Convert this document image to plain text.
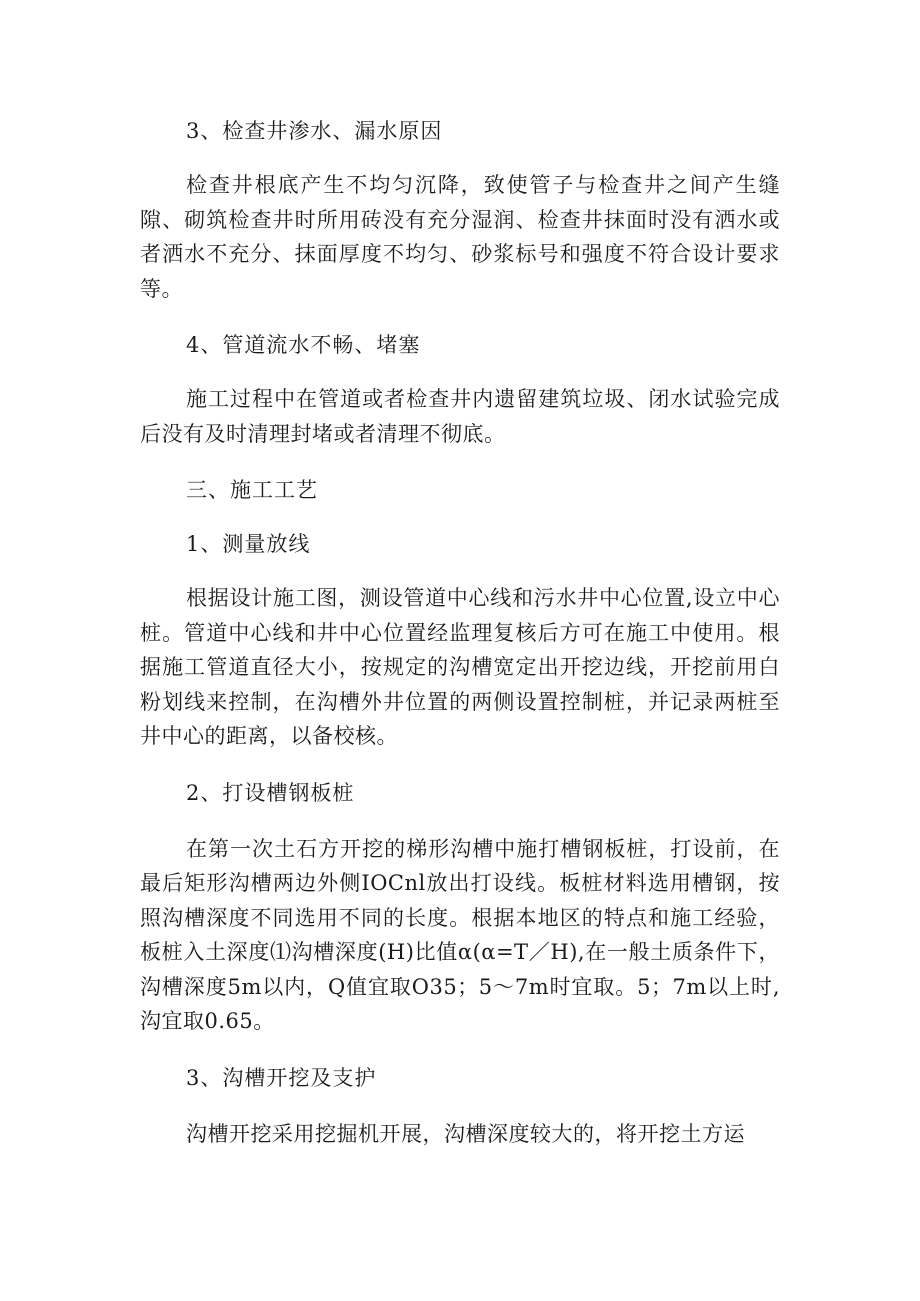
3、检查井渗水、漏水原因

检查井根底产生不均匀沉降，致使管子与检查井之间产生缝隙、砌筑检查井时所用砖没有充分湿润、检查井抹面时没有洒水或者洒水不充分、抹面厚度不均匀、砂浆标号和强度不符合设计要求等。

4、管道流水不畅、堵塞

施工过程中在管道或者检查井内遗留建筑垃圾、闭水试验完成后没有及时清理封堵或者清理不彻底。

三、施工工艺

1、测量放线

根据设计施工图，测设管道中心线和污水井中心位置,设立中心桩。管道中心线和井中心位置经监理复核后方可在施工中使用。根据施工管道直径大小，按规定的沟槽宽定出开挖边线，开挖前用白粉划线来控制，在沟槽外井位置的两侧设置控制桩，并记录两桩至井中心的距离，以备校核。

2、打设槽钢板桩

在第一次土石方开挖的梯形沟槽中施打槽钢板桩，打设前，在最后矩形沟槽两边外侧IOCnl放出打设线。板桩材料选用槽钢，按照沟槽深度不同选用不同的长度。根据本地区的特点和施工经验，板桩入土深度⑴沟槽深度(H)比值α(α=T／H),在一般土质条件下，沟槽深度5m以内，Q值宜取O35；5～7m时宜取。5；7m以上时,沟宜取0.65。

3、沟槽开挖及支护

沟槽开挖采用挖掘机开展，沟槽深度较大的，将开挖土方运
